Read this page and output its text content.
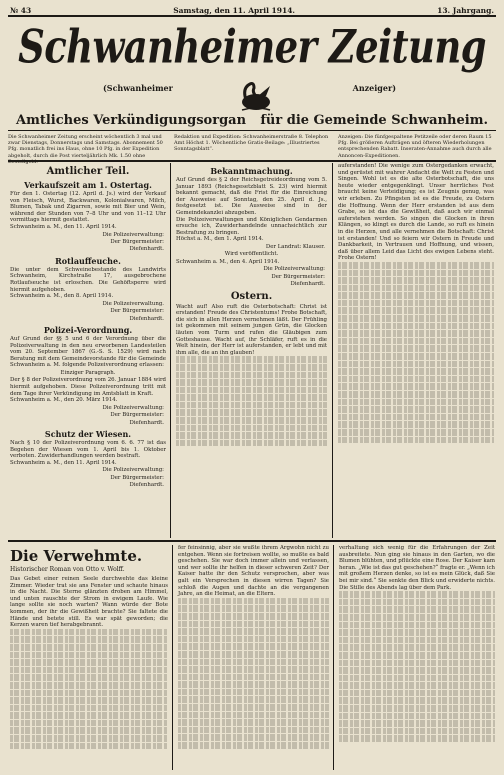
№ 43	Samstag, den 11. April 1914.	13. Jahrgang.
Schwanheimer Zeitung
(Schwanheimer	Anzeiger)
Amtliches Verkündigungsorgan für die Gemeinde Schwanheim.
Die Schwanheimer Zeitung erscheint wöchentlich 3 mal und zwar Dienstags, Donnerstags und Samstags. Abonnement 50 Pfg. monatlich frei ins Haus, ohne 10 Pfg. in der Expedition abgeholt, durch die Post vierteljährlich Mk. 1.50 ohne Bestellgeld.
Redaktion und Expedition: Schwanheimerstraße 8. Telephon Amt Höchst 1. Wöchentliche Gratis-Beilage: „Illustriertes Sonntagsblatt“.
Anzeigen: Die fünfgespaltene Petitzeile oder deren Raum 15 Pfg. Bei größeren Aufträgen und öfteren Wiederholungen entsprechenden Rabatt. Inseraten-Annahme auch durch alle Annoncen-Expeditionen.
Amtlicher Teil.
Verkaufszeit am 1. Ostertag.
Für den 1. Ostertag (12. April d. Js.) wird der Verkauf von Fleisch, Wurst, Backwaren, Kolonialwaren, Milch, Blumen, Tabak und Zigarren, sowie mit Bier und Wein, während der Stunden von 7–8 Uhr und von 11–12 Uhr vormittags hiermit gestattet.
Schwanheim a. M., den 11. April 1914.
Die Polizeiverwaltung:
Der Bürgermeister:
Diefenhardt.
Rotlauffeuche.
Die unter dem Schweinebestande des Landwirts Schwanheim, Kirchstraße 17, ausgebrochene Rotlaufseuche ist erloschen. Die Gehöftsperre wird hiermit aufgehoben.
Schwanheim a. M., den 8. April 1914.
Die Polizeiverwaltung.
Der Bürgermeister:
Diefenhardt.
Polizei-Verordnung.
Auf Grund der §§ 5 und 6 der Verordnung über die Polizeiverwaltung in den neu erworbenen Landesteilen vom 20. September 1867 (G.-S. S. 1529) wird nach Beratung mit dem Gemeindevorstande für die Gemeinde Schwanheim a. M. folgende Polizeiverordnung erlassen:
Einziger Paragraph.
Der § 8 der Polizeiverordnung vom 26. Januar 1884 wird hiermit aufgehoben. Diese Polizeiverordnung tritt mit dem Tage ihrer Verkündigung im Amtsblatt in Kraft.
Schwanheim a. M., den 20. März 1914.
Die Polizeiverwaltung:
Der Bürgermeister:
Diefenhardt.
Schutz der Wiesen.
Nach § 10 der Polizeiverordnung vom 6. 6. 77 ist das Begehen der Wiesen vom 1. April bis 1. Oktober verboten. Zuwiderhandlungen werden bestraft.
Schwanheim a. M., den 11. April 1914.
Die Polizeiverwaltung:
Der Bürgermeister:
Diefenhardt.
Bekanntmachung.
Auf Grund des § 2 der Reichsgetreideordnung vom 5. Januar 1893 (Reichsgesetzblatt S. 23) wird hiermit bekannt gemacht, daß die Frist für die Einreichung der Ausweise auf Sonntag, den 25. April d. Js., festgesetzt ist. Die Ausweise sind in der Gemeindekanzlei abzugeben.
Die Polizeiverwaltungen und Königlichen Gendarmen ersuche ich, Zuwiderhandelnde unnachsichtlich zur Bestrafung zu bringen.
Höchst a. M., den 1. April 1914.
Der Landrat: Klauser.
Wird veröffentlicht.
Schwanheim a. M., den 4. April 1914.
Die Polizeiverwaltung:
Der Bürgermeister:
Diefenhardt.
Ostern.
Wacht auf! Also ruft die Osterbotschaft: Christ ist erstanden! Freude des Christentums! Frohe Botschaft, die sich in allen Herzen vernehmen läßt. Der Frühling ist gekommen mit seinem jungen Grün, die Glocken läuten vom Turm und rufen die Gläubigen zum Gotteshause. Wacht auf, ihr Schläfer, ruft es in die Welt hinein, der Herr ist auferstanden, er lebt und mit ihm alle, die an ihn glauben!
auferstanden! Die wenige zum Ostergedanken erwacht, und gerüstet mit wahrer Andacht die Welt zu Festen und Singen. Wohl ist es die alte Osterbotschaft, die uns heute wieder entgegenklingt. Unser herrliches Fest braucht keine Verteidigung; es ist Zeugnis genug, was wir erleben. Zu Pfingsten ist es die Freude, zu Ostern die Hoffnung. Wenn der Herr erstanden ist aus dem Grabe, so ist das die Gewißheit, daß auch wir einmal auferstehen werden. So singen die Glocken in ihren Klängen, so klingt es durch die Lande, so ruft es hinein in die Herzen, und alle vernehmen die Botschaft: Christ ist erstanden! Und so feiern wir Ostern in Freude und Dankbarkeit, in Vertrauen und Hoffnung, und wissen, daß über allem Leid das Licht des ewigen Lebens steht. Frohe Ostern!
Die Verwehmte.
Historischer Roman von Otto v. Wolff.
Das Gebet einer reinen Seele durchwehte das kleine Zimmer. Wieder trat sie ans Fenster und schaute hinaus in die Nacht. Die Sterne glänzten droben am Himmel, und unten rauschte der Strom in ewigem Laufe. Wie lange sollte sie noch warten? Wann würde der Bote kommen, der ihr die Gewißheit brachte? Sie faltete die Hände und betete still. Es war spät geworden; die Kerzen waren tief herabgebrannt.
fer feinsinnig, aber sie wußte ihrem Argwohn nicht zu entgehen. Wenn sie fortreisen wollte, so mußte es bald geschehen. Sie war doch immer allein und verlassen, und wer sollte ihr helfen in dieser schweren Zeit? Der Kaiser hatte ihr den Schutz versprochen, aber was galt ein Versprechen in diesen wirren Tagen? Sie schloß die Augen und dachte an die vergangenen Jahre, an die Heimat, an die Eltern.
verhaltung sich wenig für die Erfahrungen der Zeit ausbreitete. Nun ging sie hinaus in den Garten, wo die Blumen blühten, und pflückte eine Rose. Der Kaiser kam heran. „Wie ist das gut geschehen?“ fragte er. „Wenn ich mit großem Herzen denke, so ist es mein Glück, daß Sie bei mir sind.“ Sie senkte den Blick und erwiderte nichts. Die Stille des Abends lag über dem Park.
